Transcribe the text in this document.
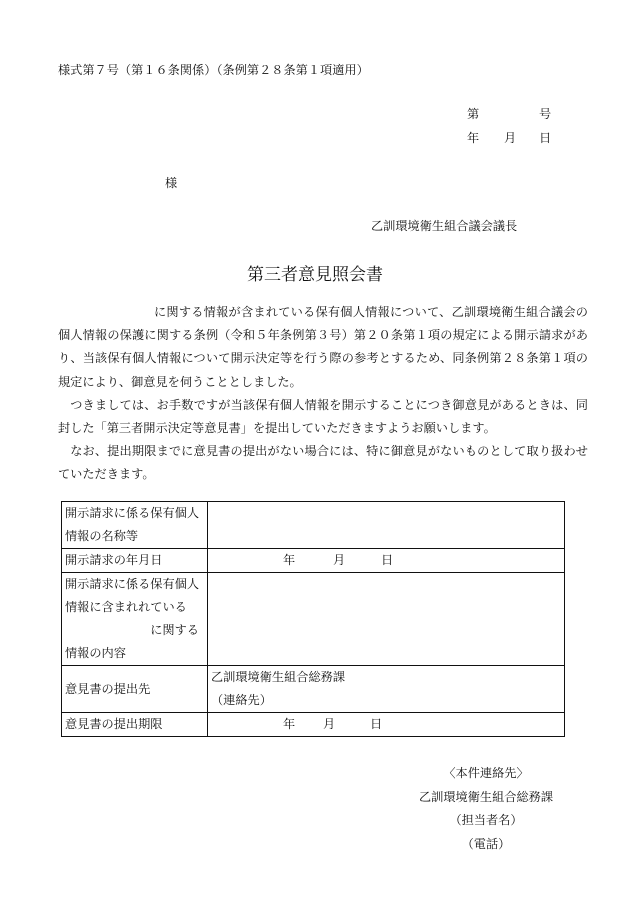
様式第７号（第１６条関係）（条例第２８条第１項適用）
第	号
年 月 日
様
乙訓環境衛生組合議会議長
第三者意見照会書

に関する情報が含まれている保有個人情報について、乙訓環境衛生組合議会の個人情報の保護に関する条例（令和５年条例第３号）第２０条第１項の規定による開示請求があり、当該保有個人情報について開示決定等を行う際の参考とするため、同条例第２８条第１項の規定により、御意見を伺うこととしました。

つきましては、お手数ですが当該保有個人情報を開示することにつき御意見があるときは、同封した「第三者開示決定等意見書」を提出していただきますようお願いします。

なお、提出期限までに意見書の提出がない場合には、特に御意見がないものとして取り扱わせていただきます。

開示請求に係る保有個人
情報の名称等	

開示請求の年月日	年 月 日

開示請求に係る保有個人
情報に含まれれている
に関する
情報の内容	

意見書の提出先	乙訓環境衛生組合総務課
（連絡先）

意見書の提出期限	年 月 日
〈本件連絡先〉
乙訓環境衛生組合総務課
（担当者名）
（電話）
